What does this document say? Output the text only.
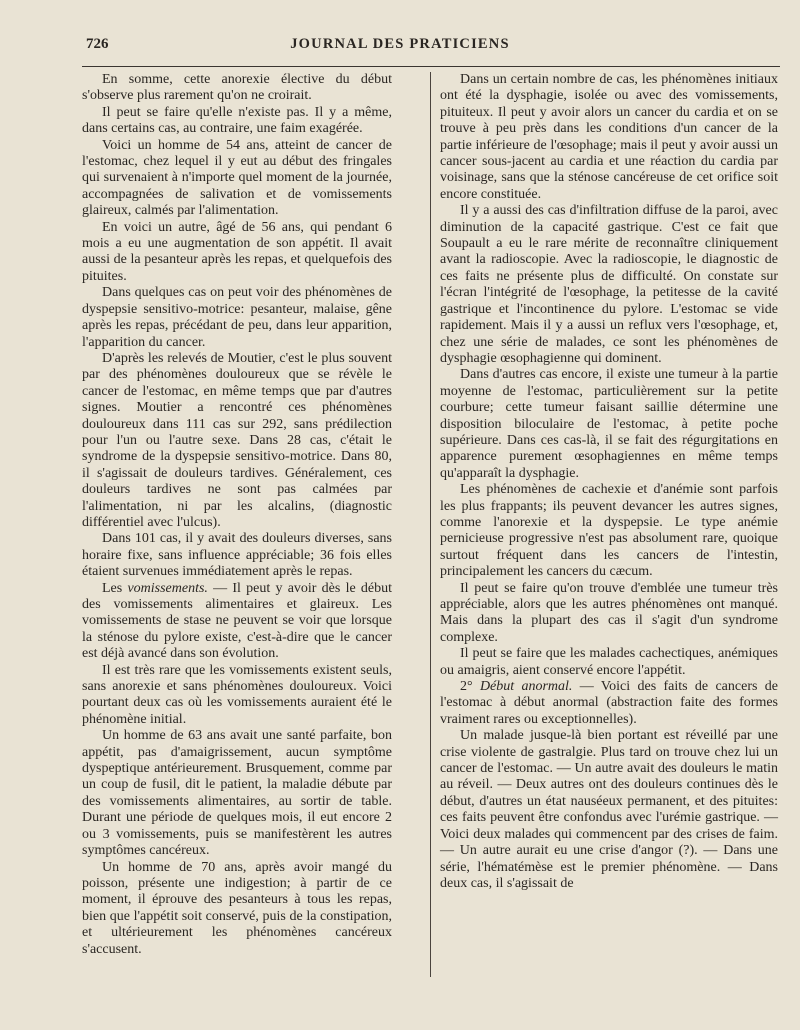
726	JOURNAL DES PRATICIENS

En somme, cette anorexie élective du début s'observe plus rarement qu'on ne croirait.

Il peut se faire qu'elle n'existe pas. Il y a même, dans certains cas, au contraire, une faim exagérée.

Voici un homme de 54 ans, atteint de cancer de l'estomac, chez lequel il y eut au début des fringales qui survenaient à n'importe quel moment de la journée, accompagnées de salivation et de vomissements glaireux, calmés par l'alimentation.

En voici un autre, âgé de 56 ans, qui pendant 6 mois a eu une augmentation de son appétit. Il avait aussi de la pesanteur après les repas, et quelquefois des pituites.

Dans quelques cas on peut voir des phénomènes de dyspepsie sensitivo-motrice: pesanteur, malaise, gêne après les repas, précédant de peu, dans leur apparition, l'apparition du cancer.

D'après les relevés de Moutier, c'est le plus souvent par des phénomènes douloureux que se révèle le cancer de l'estomac, en même temps que par d'autres signes. Moutier a rencontré ces phénomènes douloureux dans 111 cas sur 292, sans prédilection pour l'un ou l'autre sexe. Dans 28 cas, c'était le syndrome de la dyspepsie sensitivo-motrice. Dans 80, il s'agissait de douleurs tardives. Généralement, ces douleurs tardives ne sont pas calmées par l'alimentation, ni par les alcalins, (diagnostic différentiel avec l'ulcus).

Dans 101 cas, il y avait des douleurs diverses, sans horaire fixe, sans influence appréciable; 36 fois elles étaient survenues immédiatement après le repas.

Les vomissements. — Il peut y avoir dès le début des vomissements alimentaires et glaireux. Les vomissements de stase ne peuvent se voir que lorsque la sténose du pylore existe, c'est-à-dire que le cancer est déjà avancé dans son évolution.

Il est très rare que les vomissements existent seuls, sans anorexie et sans phénomènes douloureux. Voici pourtant deux cas où les vomissements auraient été le phénomène initial.

Un homme de 63 ans avait une santé parfaite, bon appétit, pas d'amaigrissement, aucun symptôme dyspeptique antérieurement. Brusquement, comme par un coup de fusil, dit le patient, la maladie débute par des vomissements alimentaires, au sortir de table. Durant une période de quelques mois, il eut encore 2 ou 3 vomissements, puis se manifestèrent les autres symptômes cancéreux.

Un homme de 70 ans, après avoir mangé du poisson, présente une indigestion; à partir de ce moment, il éprouve des pesanteurs à tous les repas, bien que l'appétit soit conservé, puis de la constipation, et ultérieurement les phénomènes cancéreux s'accusent.

Dans un certain nombre de cas, les phénomènes initiaux ont été la dysphagie, isolée ou avec des vomissements, pituiteux. Il peut y avoir alors un cancer du cardia et on se trouve à peu près dans les conditions d'un cancer de la partie inférieure de l'œsophage; mais il peut y avoir aussi un cancer sous-jacent au cardia et une réaction du cardia par voisinage, sans que la sténose cancéreuse de cet orifice soit encore constituée.

Il y a aussi des cas d'infiltration diffuse de la paroi, avec diminution de la capacité gastrique. C'est ce fait que Soupault a eu le rare mérite de reconnaître cliniquement avant la radioscopie. Avec la radioscopie, le diagnostic de ces faits ne présente plus de difficulté. On constate sur l'écran l'intégrité de l'œsophage, la petitesse de la cavité gastrique et l'incontinence du pylore. L'estomac se vide rapidement. Mais il y a aussi un reflux vers l'œsophage, et, chez une série de malades, ce sont les phénomènes de dysphagie œsophagienne qui dominent.

Dans d'autres cas encore, il existe une tumeur à la partie moyenne de l'estomac, particulièrement sur la petite courbure; cette tumeur faisant saillie détermine une disposition biloculaire de l'estomac, à petite poche supérieure. Dans ces cas-là, il se fait des régurgitations en apparence purement œsophagiennes en même temps qu'apparaît la dysphagie.

Les phénomènes de cachexie et d'anémie sont parfois les plus frappants; ils peuvent devancer les autres signes, comme l'anorexie et la dyspepsie. Le type anémie pernicieuse progressive n'est pas absolument rare, quoique surtout fréquent dans les cancers de l'intestin, principalement les cancers du cæcum.

Il peut se faire qu'on trouve d'emblée une tumeur très appréciable, alors que les autres phénomènes ont manqué. Mais dans la plupart des cas il s'agit d'un syndrome complexe.

Il peut se faire que les malades cachectiques, anémiques ou amaigris, aient conservé encore l'appétit.

2° Début anormal. — Voici des faits de cancers de l'estomac à début anormal (abstraction faite des formes vraiment rares ou exceptionnelles).

Un malade jusque-là bien portant est réveillé par une crise violente de gastralgie. Plus tard on trouve chez lui un cancer de l'estomac. — Un autre avait des douleurs le matin au réveil. — Deux autres ont des douleurs continues dès le début, d'autres un état nauséeux permanent, et des pituites: ces faits peuvent être confondus avec l'urémie gastrique. — Voici deux malades qui commencent par des crises de faim. — Un autre aurait eu une crise d'angor (?). — Dans une série, l'hématémèse est le premier phénomène. — Dans deux cas, il s'agissait de
